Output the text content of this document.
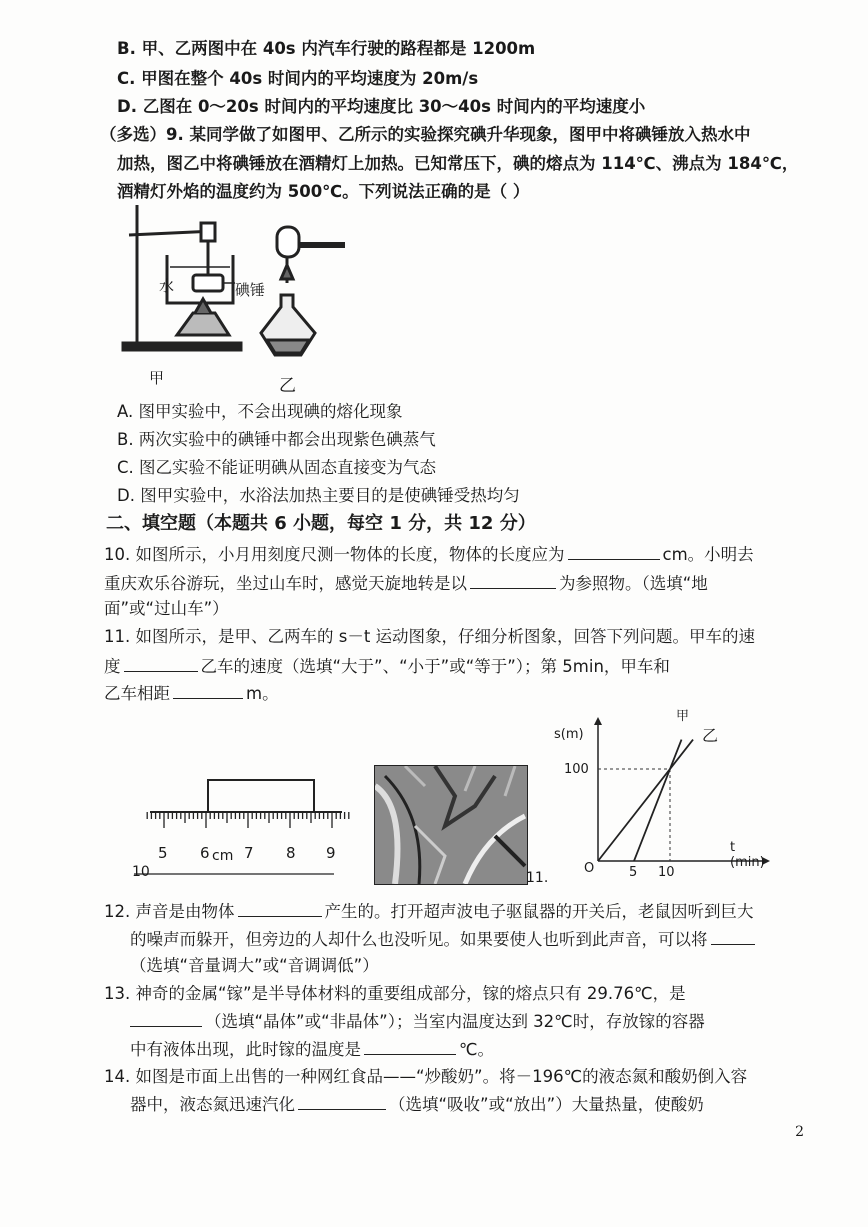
B. 甲、乙两图中在 40s 内汽车行驶的路程都是 1200m
C. 甲图在整个 40s 时间内的平均速度为 20m/s
D. 乙图在 0～20s 时间内的平均速度比 30～40s 时间内的平均速度小
（多选）9. 某同学做了如图甲、乙所示的实验探究碘升华现象，图甲中将碘锤放入热水中
加热，图乙中将碘锤放在酒精灯上加热。已知常压下，碘的熔点为 114℃、沸点为 184℃，
酒精灯外焰的温度约为 500℃。下列说法正确的是（ ）
水	碘锤
甲	乙
A. 图甲实验中，不会出现碘的熔化现象
B. 两次实验中的碘锤中都会出现紫色碘蒸气
C. 图乙实验不能证明碘从固态直接变为气态
D. 图甲实验中，水浴法加热主要目的是使碘锤受热均匀
二、填空题（本题共 6 小题，每空 1 分，共 12 分）
10. 如图所示，小月用刻度尺测一物体的长度，物体的长度应为	cm。小明去
重庆欢乐谷游玩，坐过山车时，感觉天旋地转是以	为参照物。（选填“地
面”或“过山车”）
11. 如图所示，是甲、乙两车的 s－t 运动图象，仔细分析图象，回答下列问题。甲车的速
度	乙车的速度（选填“大于”、“小于”或“等于”）；第 5min，甲车和
乙车相距	m。
5 6 cm 7 8 9
10	11.
s(m)
t (min)
O
100
5 10
甲
乙
12. 声音是由物体	产生的。打开超声波电子驱鼠器的开关后，老鼠因听到巨大
的噪声而躲开，但旁边的人却什么也没听见。如果要使人也听到此声音，可以将
（选填“音量调大”或“音调调低”）
13. 神奇的金属“镓”是半导体材料的重要组成部分，镓的熔点只有 29.76℃，是
（选填“晶体”或“非晶体”）；当室内温度达到 32℃时，存放镓的容器
中有液体出现，此时镓的温度是	℃。
14. 如图是市面上出售的一种网红食品——“炒酸奶”。将－196℃的液态氮和酸奶倒入容
器中，液态氮迅速汽化	（选填“吸收”或“放出”）大量热量，使酸奶
2
